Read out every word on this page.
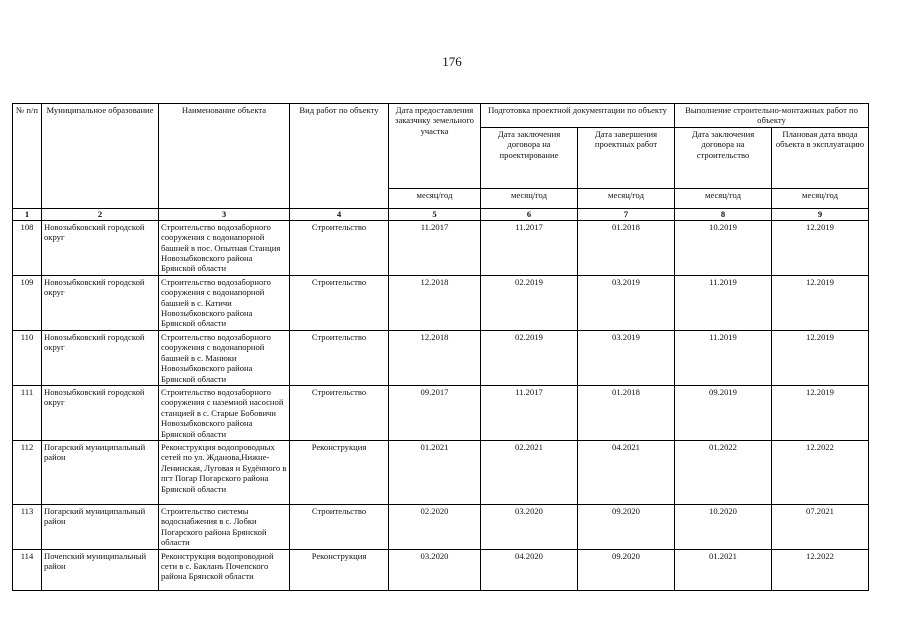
176
№ п/п	Муниципальное образование	Наименование объекта	Вид работ по объекту	Дата предоставления заказчику земельного участка	Подготовка проектной документации по объекту		Выполнение строительно-монтажных работ по объекту	
					Дата заключения договора на проектирование	Дата завершения проектных работ	Дата заключения договора на строительство	Плановая дата ввода объекта в эксплуатацию
				месяц/год	месяц/год	месяц/год	месяц/год	месяц/год
1	2	3	4	5	6	7	8	9
108	Новозыбковский городской округ	Строительство водозаборного сооружения с водонапорной башней в пос. Опытная Станция Новозыбковского района Брянской области	Строительство	11.2017	11.2017	01.2018	10.2019	12.2019
109	Новозыбковский городской округ	Строительство водозаборного сооружения с водонапорной башней в с. Катичи Новозыбковского района Брянской области	Строительство	12.2018	02.2019	03.2019	11.2019	12.2019
110	Новозыбковский городской округ	Строительство водозаборного сооружения с водонапорной башней в с. Манюки Новозыбковского района Брянской области	Строительство	12.2018	02.2019	03.2019	11.2019	12.2019
111	Новозыбковский городской округ	Строительство водозаборного сооружения с наземной насосной станцией в с. Старые Бобовичи Новозыбковского района Брянской области	Строительство	09.2017	11.2017	01.2018	09.2019	12.2019
112	Погарский муниципальный район	Реконструкция водопроводных сетей по ул. Жданова,Нижне-Ленинская, Луговая и Будённого в пгт Погар Погарского района Брянской области	Реконструкция	01.2021	02.2021	04.2021	01.2022	12.2022
113	Погарский муниципальный район	Строительство системы водоснабжения в с. Лобки Погарского района Брянской области	Строительство	02.2020	03.2020	09.2020	10.2020	07.2021
114	Почепский муниципальный район	Реконструкция водопроводной сети в с. Бакланъ Почепского района Брянской области	Реконструкция	03.2020	04.2020	09.2020	01.2021	12.2022
